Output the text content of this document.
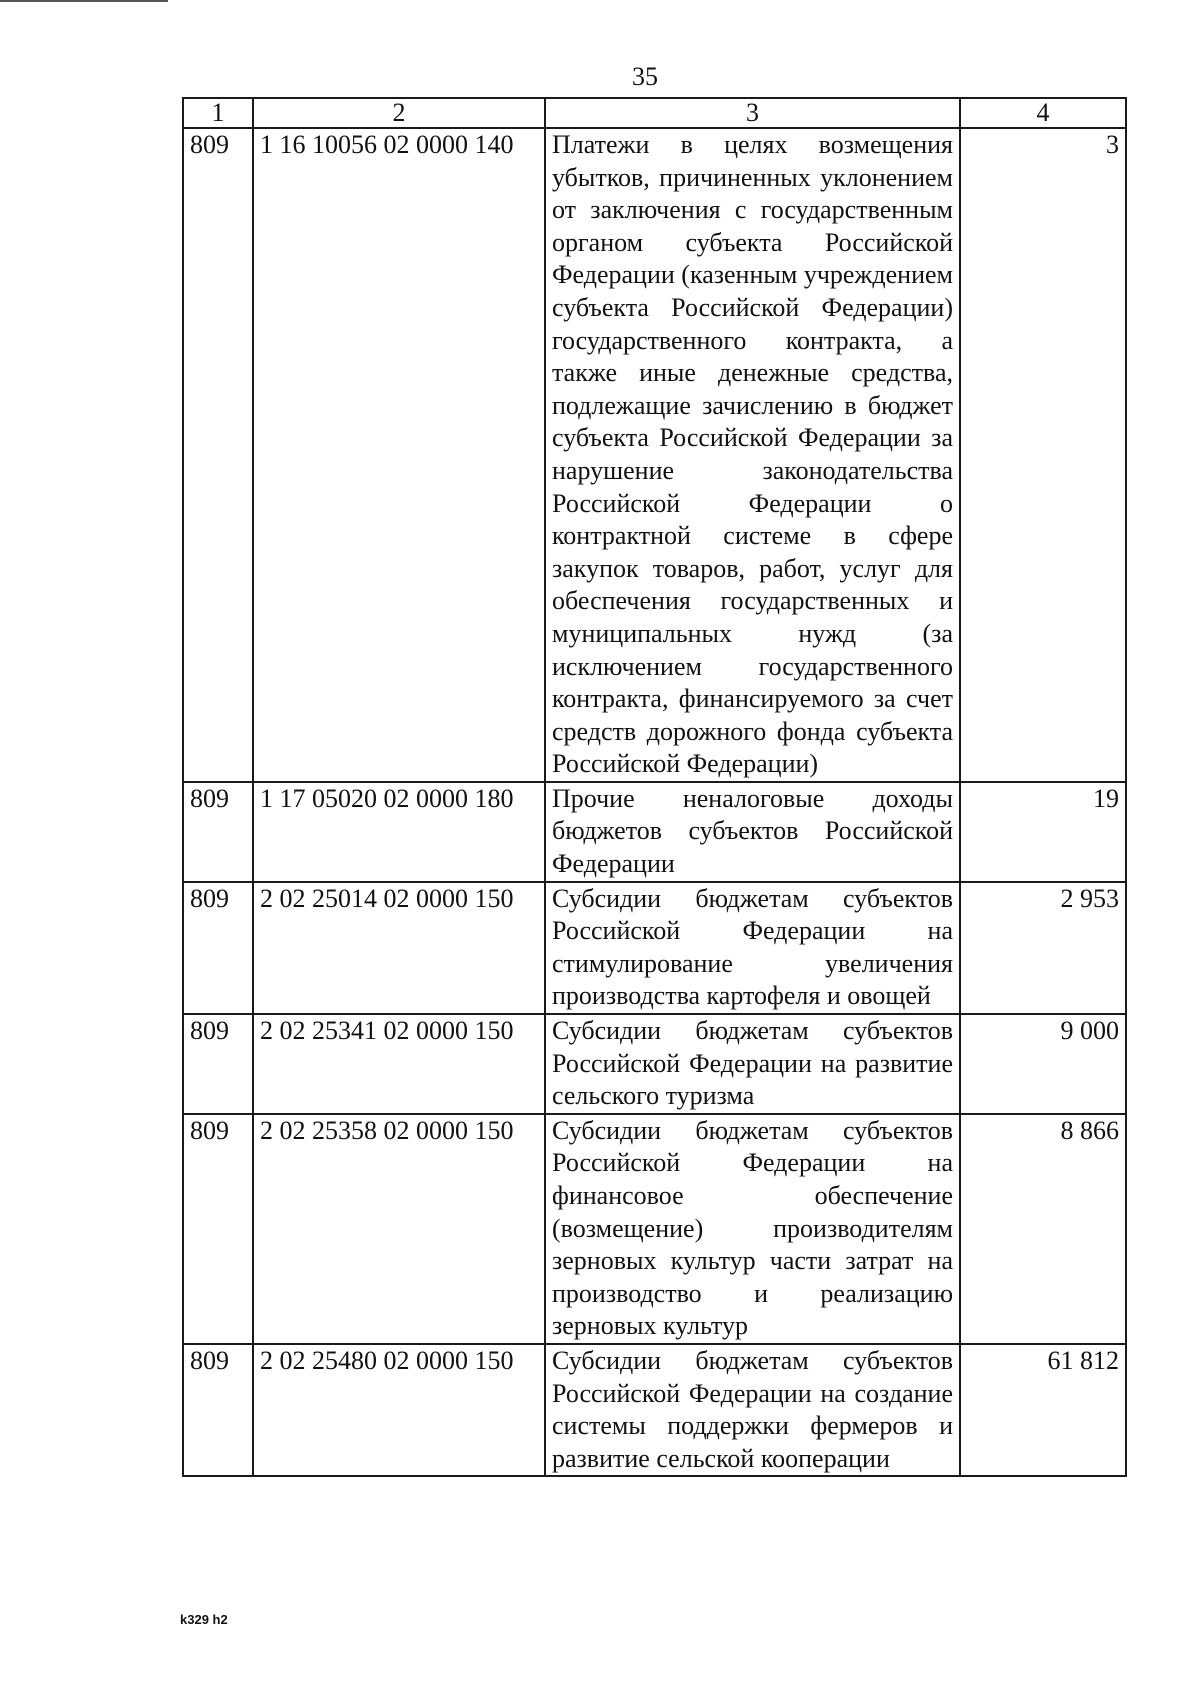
35
1	2	3	4
809	1 16 10056 02 0000 140	Платежи в целях возмещения убытков, причиненных уклонением от заключения с государственным органом субъекта Российской Федерации (казенным учреждением субъекта Российской Федерации) государственного контракта, а также иные денежные средства, подлежащие зачислению в бюджет субъекта Российской Федерации за нарушение законодательства Российской Федерации о контрактной системе в сфере закупок товаров, работ, услуг для обеспечения государственных и муниципальных нужд (за исключением государственного контракта, финансируемого за счет средств дорожного фонда субъекта Российской Федерации)	3
809	1 17 05020 02 0000 180	Прочие неналоговые доходы бюджетов субъектов Российской Федерации	19
809	2 02 25014 02 0000 150	Субсидии бюджетам субъектов Российской Федерации на стимулирование увеличения производства картофеля и овощей	2 953
809	2 02 25341 02 0000 150	Субсидии бюджетам субъектов Российской Федерации на развитие сельского туризма	9 000
809	2 02 25358 02 0000 150	Субсидии бюджетам субъектов Российской Федерации на финансовое обеспечение (возмещение) производителям зерновых культур части затрат на производство и реализацию зерновых культур	8 866
809	2 02 25480 02 0000 150	Субсидии бюджетам субъектов Российской Федерации на создание системы поддержки фермеров и развитие сельской кооперации	61 812
k329 h2
